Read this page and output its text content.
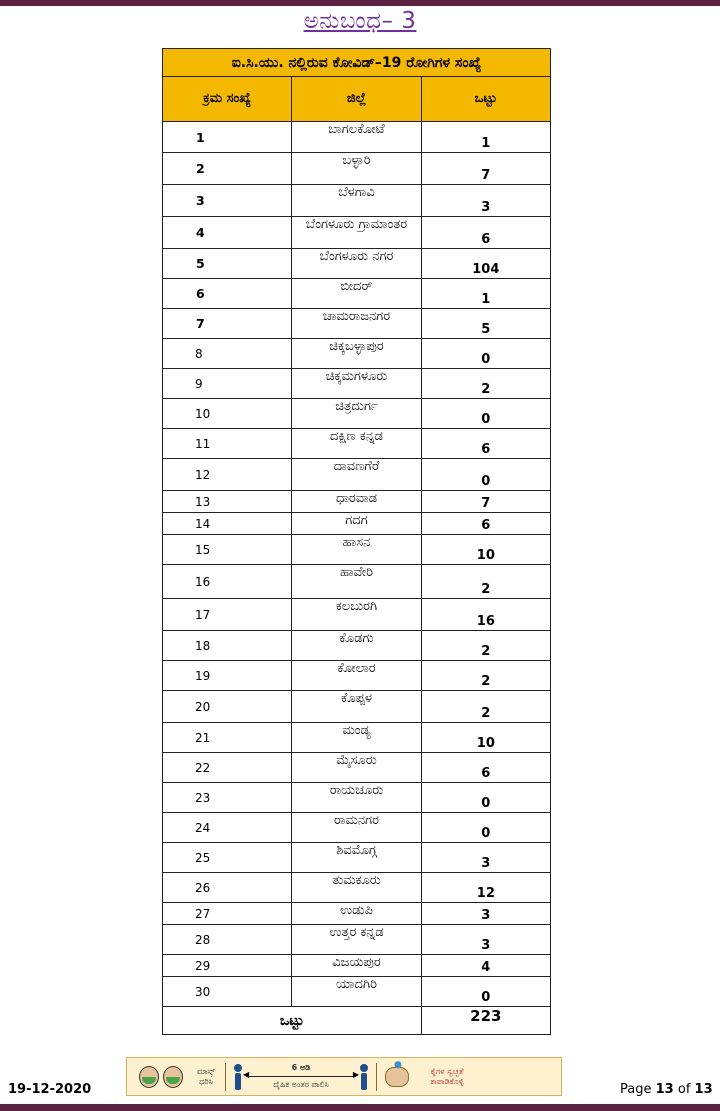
ಅನುಬಂಧ– 3
ಐ.ಸಿ.ಯು. ನಲ್ಲಿರುವ ಕೋವಿಡ್–19 ರೋಗಿಗಳ ಸಂಖ್ಯೆ		
ಕ್ರಮ ಸಂಖ್ಯೆ	ಜಿಲ್ಲೆ	ಒಟ್ಟು
1	ಬಾಗಲಕೋಟೆ	1
2	ಬಳ್ಳಾರಿ	7
3	ಬೆಳಗಾವಿ	3
4	ಬೆಂಗಳೂರು ಗ್ರಾಮಾಂತರ	6
5	ಬೆಂಗಳೂರು ನಗರ	104
6	ಬೀದರ್	1
7	ಚಾಮರಾಜನಗರ	5
8	ಚಿಕ್ಕಬಳ್ಳಾಪುರ	0
9	ಚಿಕ್ಕಮಗಳೂರು	2
10	ಚಿತ್ರದುರ್ಗ	0
11	ದಕ್ಷಿಣ ಕನ್ನಡ	6
12	ದಾವಣಗೆರೆ	0
13	ಧಾರವಾಡ	7
14	ಗದಗ	6
15	ಹಾಸನ	10
16	ಹಾವೇರಿ	2
17	ಕಲಬುರಗಿ	16
18	ಕೊಡಗು	2
19	ಕೋಲಾರ	2
20	ಕೊಪ್ಪಳ	2
21	ಮಂಡ್ಯ	10
22	ಮೈಸೂರು	6
23	ರಾಯಚೂರು	0
24	ರಾಮನಗರ	0
25	ಶಿವಮೊಗ್ಗ	3
26	ತುಮಕೂರು	12
27	ಉಡುಪಿ	3
28	ಉತ್ತರ ಕನ್ನಡ	3
29	ವಿಜಯಪುರ	4
30	ಯಾದಗಿರಿ	0
ಒಟ್ಟು		223
ಮಾಸ್ಕ್ ಧರಿಸಿ
6 ಅಡಿ
◀ ▶
ದೈಹಿಕ ಅಂತರ ಪಾಲಿಸಿ
●
ಕೈಗಳ ಸ್ವಚ್ಛತೆ ಕಾಪಾಡಿಕೊಳ್ಳಿ
19-12-2020	Page 13 of 13
